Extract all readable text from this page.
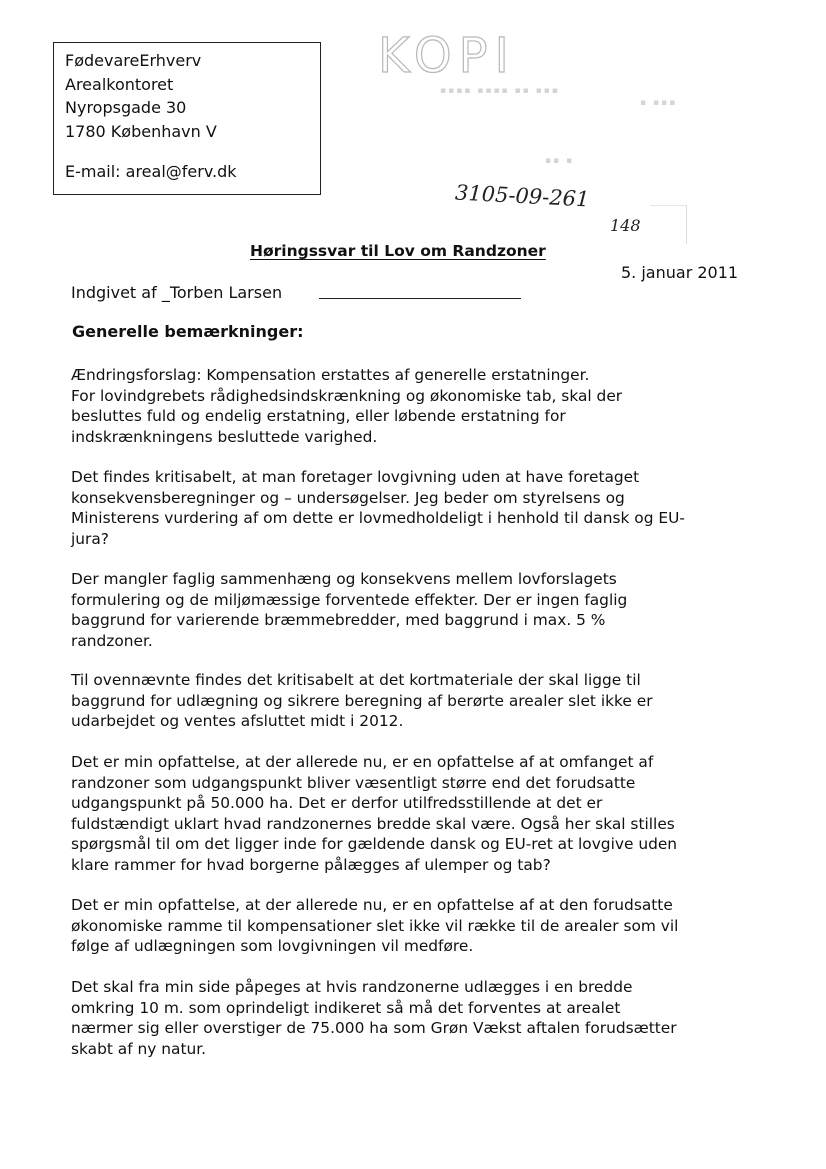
FødevareErhverv
Arealkontoret
Nyropsgade 30
1780 København V
E-mail: areal@ferv.dk
KOPI
▪▪▪▪ ▪▪▪▪ ▪▪ ▪▪▪
▪ ▪▪▪
▪▪ ▪
3105-09-261
148
Høringssvar til Lov om Randzoner
5. januar 2011
Indgivet af _Torben Larsen
Generelle bemærkninger:
Ændringsforslag: Kompensation erstattes af generelle erstatninger.
For lovindgrebets rådighedsindskrænkning og økonomiske tab, skal der
besluttes fuld og endelig erstatning, eller løbende erstatning for
indskrænkningens besluttede varighed.
Det findes kritisabelt, at man foretager lovgivning uden at have foretaget
konsekvensberegninger og – undersøgelser. Jeg beder om styrelsens og
Ministerens vurdering af om dette er lovmedholdeligt i henhold til dansk og EU-
jura?
Der mangler faglig sammenhæng og konsekvens mellem lovforslagets
formulering og de miljømæssige forventede effekter. Der er ingen faglig
baggrund for varierende bræmmebredder, med baggrund i max. 5 %
randzoner.
Til ovennævnte findes det kritisabelt at det kortmateriale der skal ligge til
baggrund for udlægning og sikrere beregning af berørte arealer slet ikke er
udarbejdet og ventes afsluttet midt i 2012.
Det er min opfattelse, at der allerede nu, er en opfattelse af at omfanget af
randzoner som udgangspunkt bliver væsentligt større end det forudsatte
udgangspunkt på 50.000 ha. Det er derfor utilfredsstillende at det er
fuldstændigt uklart hvad randzonernes bredde skal være. Også her skal stilles
spørgsmål til om det ligger inde for gældende dansk og EU-ret at lovgive uden
klare rammer for hvad borgerne pålægges af ulemper og tab?
Det er min opfattelse, at der allerede nu, er en opfattelse af at den forudsatte
økonomiske ramme til kompensationer slet ikke vil række til de arealer som vil
følge af udlægningen som lovgivningen vil medføre.
Det skal fra min side påpeges at hvis randzonerne udlægges i en bredde
omkring 10 m. som oprindeligt indikeret så må det forventes at arealet
nærmer sig eller overstiger de 75.000 ha som Grøn Vækst aftalen forudsætter
skabt af ny natur.
